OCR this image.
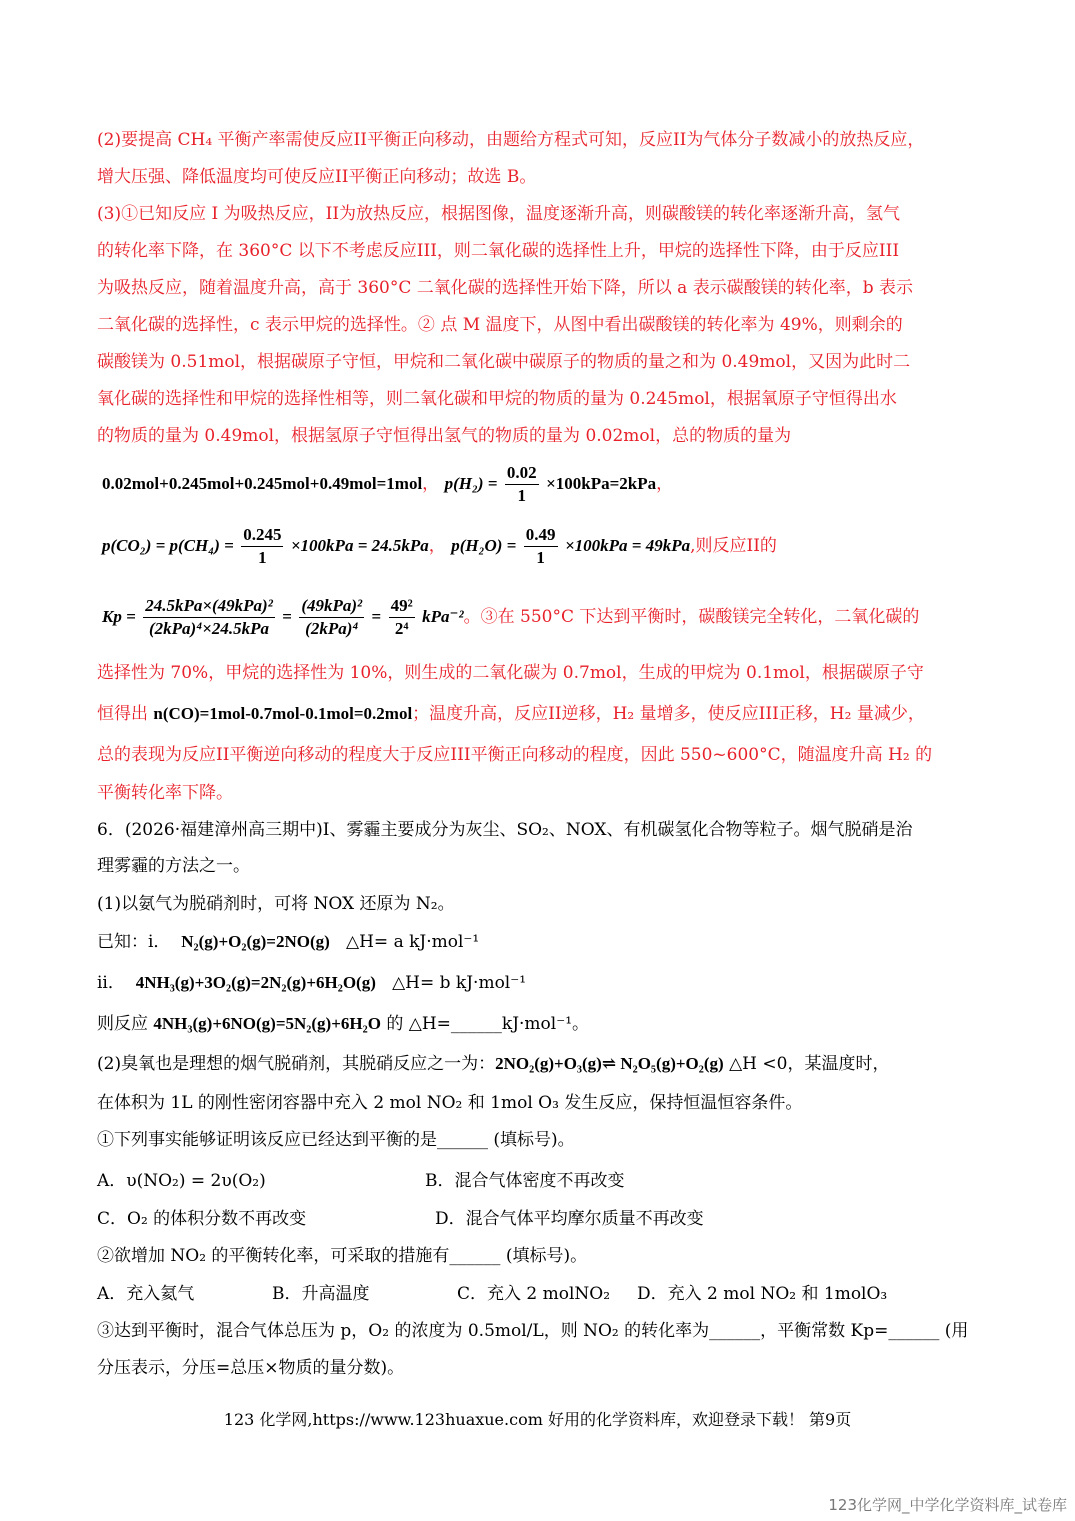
(2)要提高 CH₄ 平衡产率需使反应II平衡正向移动，由题给方程式可知，反应II为气体分子数减小的放热反应，
增大压强、降低温度均可使反应II平衡正向移动；故选 B。
(3)①已知反应 I 为吸热反应，II为放热反应，根据图像，温度逐渐升高，则碳酸镁的转化率逐渐升高，氢气
的转化率下降，在 360°C 以下不考虑反应III，则二氧化碳的选择性上升，甲烷的选择性下降，由于反应III
为吸热反应，随着温度升高，高于 360°C 二氧化碳的选择性开始下降，所以 a 表示碳酸镁的转化率，b 表示
二氧化碳的选择性，c 表示甲烷的选择性。② 点 M 温度下，从图中看出碳酸镁的转化率为 49%，则剩余的
碳酸镁为 0.51mol，根据碳原子守恒，甲烷和二氧化碳中碳原子的物质的量之和为 0.49mol，又因为此时二
氧化碳的选择性和甲烷的选择性相等，则二氧化碳和甲烷的物质的量为 0.245mol，根据氧原子守恒得出水
的物质的量为 0.49mol，根据氢原子守恒得出氢气的物质的量为 0.02mol，总的物质的量为
0.02mol+0.245mol+0.245mol+0.49mol=1mol， $p(H_2) = \frac{0.02}{1} \times 100kPa=2kPa$，
$p(CO_2) = p(CH_4) = \frac{0.245}{1} \times 100kPa = 24.5kPa$， $p(H_2O) = \frac{0.49}{1} \times 100kPa = 49kPa$,则反应II的
$Kp = \frac{\text{24.5kPa×(49kPa)²}}{\text{(2kPa)⁴×24.5kPa}} = \frac{\text{(49kPa)²}}{\text{(2kPa)⁴}} = \frac{\text{49²}}{\text{2⁴}} kPa^{-2}$。③在 550°C 下达到平衡时，碳酸镁完全转化，二氧化碳的
选择性为 70%，甲烷的选择性为 10%，则生成的二氧化碳为 0.7mol，生成的甲烷为 0.1mol，根据碳原子守
恒得出 n(CO)=1mol-0.7mol-0.1mol=0.2mol；温度升高，反应II逆移，H₂ 量增多，使反应III正移，H₂ 量减少，
总的表现为反应II平衡逆向移动的程度大于反应III平衡正向移动的程度，因此 550~600°C，随温度升高 H₂ 的
平衡转化率下降。
6．(2026·福建漳州高三期中)I、雾霾主要成分为灰尘、SO₂、NOX、有机碳氢化合物等粒子。烟气脱硝是治
理雾霾的方法之一。
(1)以氨气为脱硝剂时，可将 NOX 还原为 N₂。
已知：i． N₂(g)+O₂(g)=2NO(g) △H= a kJ·mol⁻¹
ii． 4NH₃(g)+3O₂(g)=2N₂(g)+6H₂O(g) △H= b kJ·mol⁻¹
则反应 4NH₃(g)+6NO(g)=5N₂(g)+6H₂O 的 △H=______kJ·mol⁻¹。
(2)臭氧也是理想的烟气脱硝剂，其脱硝反应之一为：2NO₂(g)+O₃(g)⇌ N₂O₅(g)+O₂(g) △H <0，某温度时，
在体积为 1L 的刚性密闭容器中充入 2 mol NO₂ 和 1mol O₃ 发生反应，保持恒温恒容条件。
①下列事实能够证明该反应已经达到平衡的是______ (填标号)。
A．υ(NO₂) = 2υ(O₂)	B．混合气体密度不再改变
C．O₂ 的体积分数不再改变	D．混合气体平均摩尔质量不再改变
②欲增加 NO₂ 的平衡转化率，可采取的措施有______ (填标号)。
A．充入氦气	B．升高温度	C．充入 2 molNO₂ D．充入 2 mol NO₂ 和 1molO₃
③达到平衡时，混合气体总压为 p，O₂ 的浓度为 0.5mol/L，则 NO₂ 的转化率为______，平衡常数 Kp=______ (用
分压表示，分压=总压×物质的量分数)。
123 化学网,https://www.123huaxue.com 好用的化学资料库，欢迎登录下载！ 第9页
123化学网_中学化学资料库_试卷库
